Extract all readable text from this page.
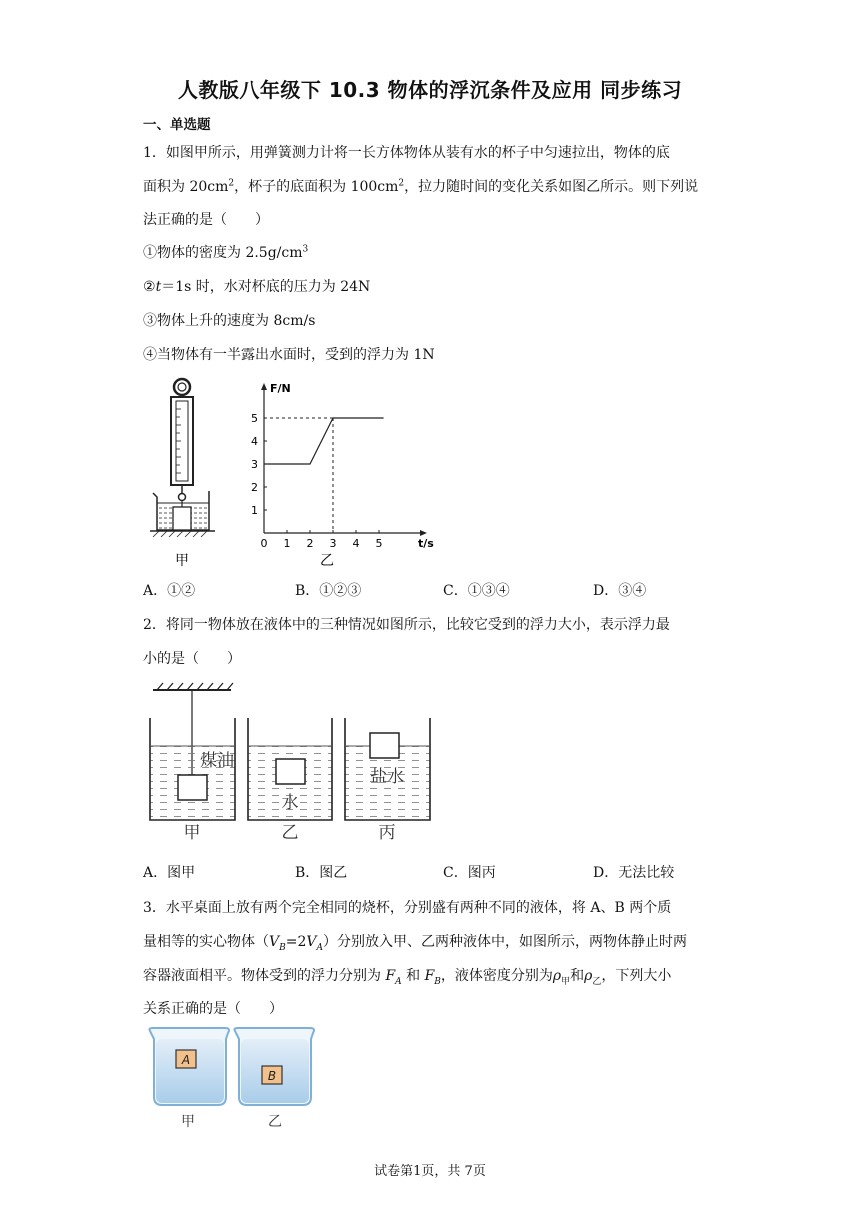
人教版八年级下 10.3 物体的浮沉条件及应用 同步练习
一、单选题
1．如图甲所示，用弹簧测力计将一长方体物体从装有水的杯子中匀速拉出，物体的底
面积为 $20cm^2$，杯子的底面积为 $100cm^2$，拉力随时间的变化关系如图乙所示。则下列说
法正确的是（　　）
①物体的密度为 $2.5g/cm^3$
②t＝1s 时，水对杯底的压力为 24N
③物体上升的速度为 8cm/s
④当物体有一半露出水面时，受到的浮力为 1N
甲
F/N
t/s
0 1 2 3 4 5
1
2
3
4
5
乙
A．①②	B．①②③	C．①③④	D．③④
2．将同一物体放在液体中的三种情况如图所示，比较它受到的浮力大小，表示浮力最
小的是（　　）
煤油
甲
水
乙
盐水
丙
A．图甲	B．图乙	C．图丙	D．无法比较
3．水平桌面上放有两个完全相同的烧杯，分别盛有两种不同的液体，将 A、B 两个质
量相等的实心物体$(V_B=2V_A)$分别放入甲、乙两种液体中，如图所示，两物体静止时两
容器液面相平。物体受到的浮力分别为 $F_A$ 和 $F_B$，液体密度分别为$\rho_甲$和$\rho_乙$，下列大小
关系正确的是（　　）
A
甲
B
乙
试卷第1页，共 7页
